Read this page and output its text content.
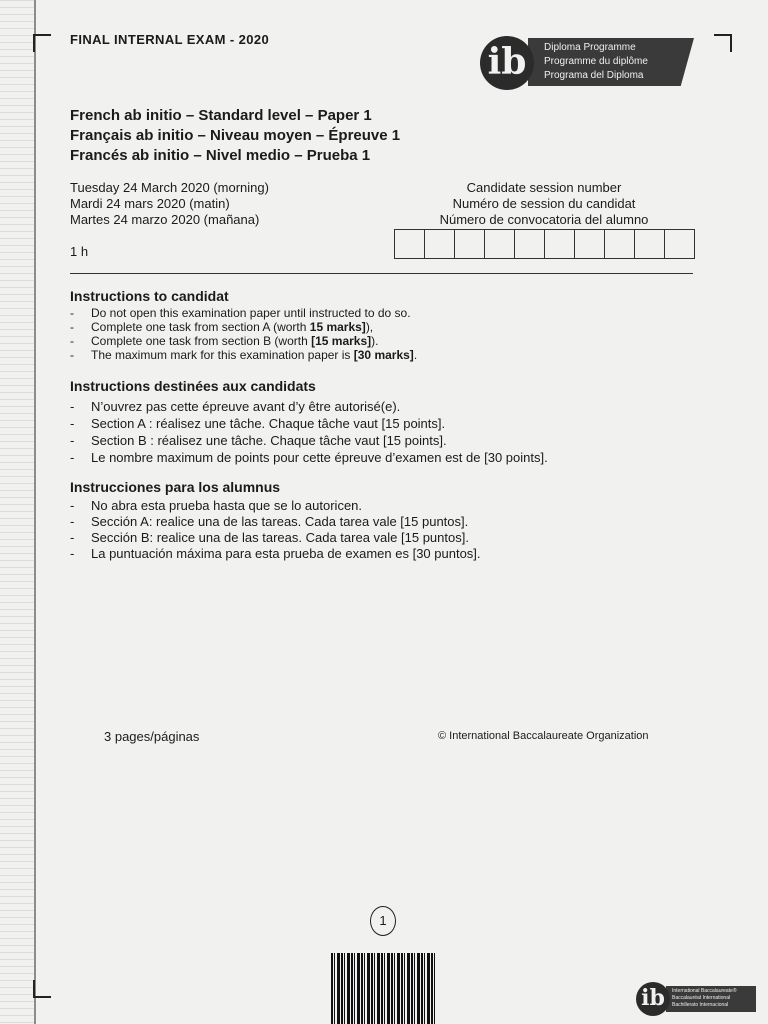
FINAL INTERNAL EXAM - 2020
ib	Diploma Programme
Programme du diplôme
Programa del Diploma
French ab initio – Standard level – Paper 1
Français ab initio – Niveau moyen – Épreuve 1
Francés ab initio – Nivel medio – Prueba 1
Tuesday 24 March 2020 (morning)
Mardi 24 mars 2020 (matin)
Martes 24 marzo 2020 (mañana)
1 h
Candidate session number
Numéro de session du candidat
Número de convocatoria del alumno
Instructions to candidat
- Do not open this examination paper until instructed to do so.
- Complete one task from section A (worth 15 marks]),
- Complete one task from section B (worth [15 marks]).
- The maximum mark for this examination paper is [30 marks].
Instructions destinées aux candidats
- N’ouvrez pas cette épreuve avant d’y être autorisé(e).
- Section A : réalisez une tâche. Chaque tâche vaut [15 points].
- Section B : réalisez une tâche. Chaque tâche vaut [15 points].
- Le nombre maximum de points pour cette épreuve d’examen est de [30 points].
Instrucciones para los alumnus
- No abra esta prueba hasta que se lo autoricen.
- Sección A: realice una de las tareas. Cada tarea vale [15 puntos].
- Sección B: realice una de las tareas. Cada tarea vale [15 puntos].
- La puntuación máxima para esta prueba de examen es [30 puntos].
3 pages/páginas	© International Baccalaureate Organization
1
ib	International Baccalaureate®
Baccalauréat International
Bachillerato Internacional
